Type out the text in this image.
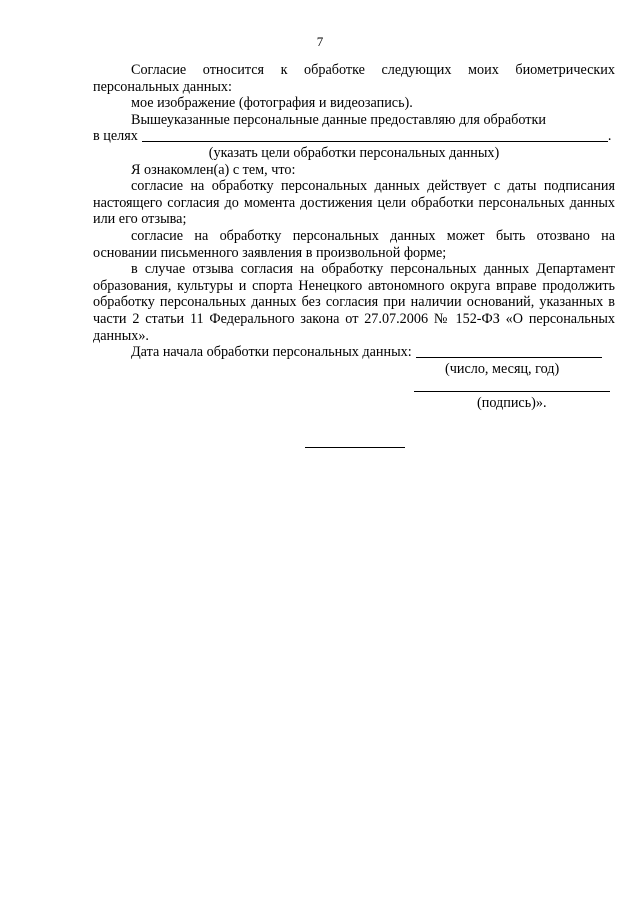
7

Согласие относится к обработке следующих моих биометрических персональных данных:

мое изображение (фотография и видеозапись).

Вышеуказанные персональные данные предоставляю для обработки

в целях	.

(указать цели обработки персональных данных)

Я ознакомлен(а) с тем, что:

согласие на обработку персональных данных действует с даты подписания настоящего согласия до момента достижения цели обработки персональных данных или его отзыва;

согласие на обработку персональных данных может быть отозвано на основании письменного заявления в произвольной форме;

в случае отзыва согласия на обработку персональных данных Департамент образования, культуры и спорта Ненецкого автономного округа вправе продолжить обработку персональных данных без согласия при наличии оснований, указанных в части 2 статьи 11 Федерального закона от 27.07.2006 № 152-ФЗ «О персональных данных».

Дата начала обработки персональных данных:
(число, месяц, год)
(подпись)».
